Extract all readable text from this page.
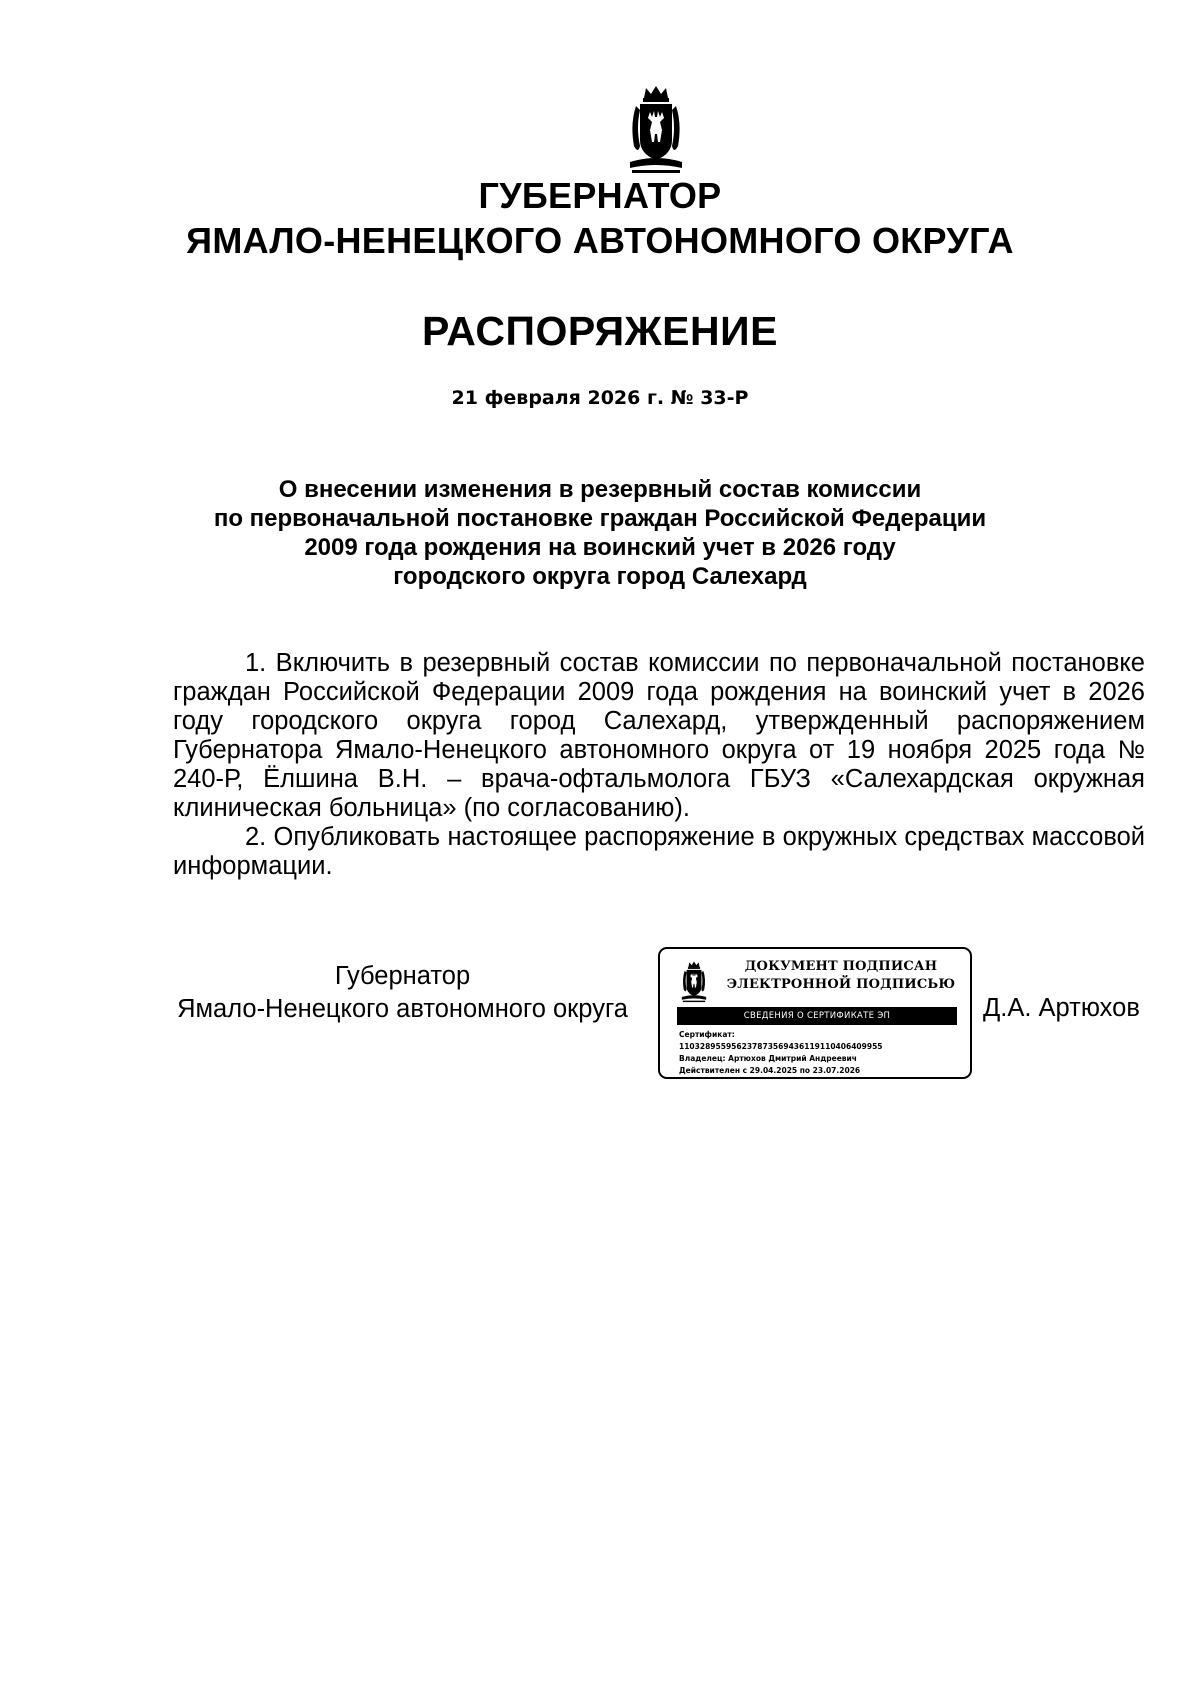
ГУБЕРНАТОР
ЯМАЛО-НЕНЕЦКОГО АВТОНОМНОГО ОКРУГА
РАСПОРЯЖЕНИЕ
21 февраля 2026 г. № 33-Р
О внесении изменения в резервный состав комиссии
по первоначальной постановке граждан Российской Федерации
2009 года рождения на воинский учет в 2026 году
городского округа город Салехард

1. Включить в резервный состав комиссии по первоначальной постановке граждан Российской Федерации 2009 года рождения на воинский учет в 2026 году городского округа город Салехард, утвержденный распоряжением Губернатора Ямало-Ненецкого автономного округа от 19 ноября 2025 года № 240-Р, Ёлшина В.Н. – врача-офтальмолога ГБУЗ «Салехардская окружная клиническая больница» (по согласованию).

2. Опубликовать настоящее распоряжение в окружных средствах массовой информации.

Губернатор
Ямало-Ненецкого автономного округа
ДОКУМЕНТ ПОДПИСАН
ЭЛЕКТРОННОЙ ПОДПИСЬЮ
СВЕДЕНИЯ О СЕРТИФИКАТЕ ЭП
Сертификат:
110328955956237873569436119110406409955
Владелец: Артюхов Дмитрий Андреевич
Действителен с 29.04.2025 по 23.07.2026
Д.А. Артюхов
